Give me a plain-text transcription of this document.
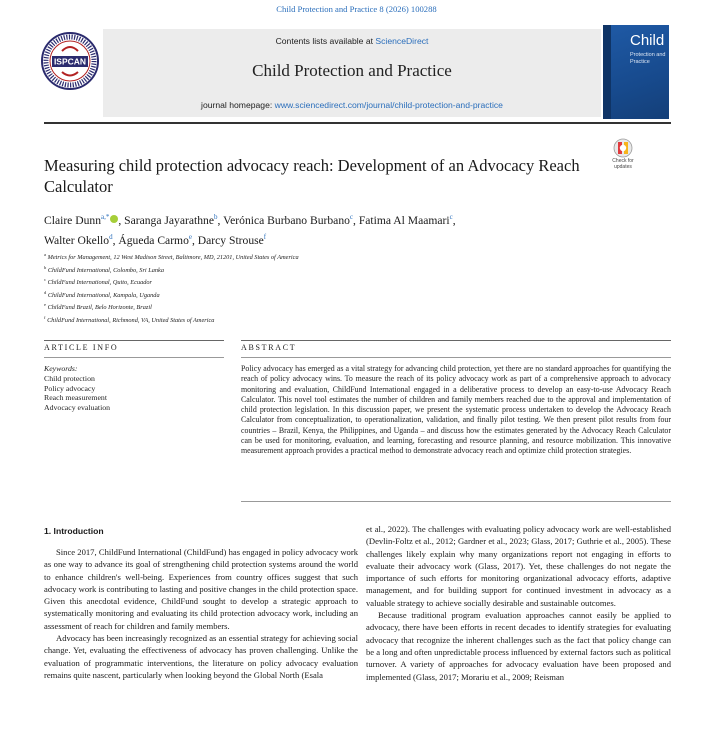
Child Protection and Practice 8 (2026) 100288
ISPCAN
Contents lists available at ScienceDirect
Child Protection and Practice
journal homepage: www.sciencedirect.com/journal/child-protection-and-practice
Child
Protection and Practice
Measuring child protection advocacy reach: Development of an Advocacy Reach Calculator
Check for updates
Claire Dunn$^{a,*}$ , Saranga Jayarathne$^b$, Verónica Burbano Burbano$^c$, Fatima Al Maamari$^c$,
Walter Okello$^d$, Águeda Carmo$^e$, Darcy Strouse$^f$
$^a$ Metrics for Management, 12 West Madison Street, Baltimore, MD, 21201, United States of America
$^b$ ChildFund International, Colombo, Sri Lanka
$^c$ ChildFund International, Quito, Ecuador
$^d$ ChildFund International, Kampala, Uganda
$^e$ ChildFund Brazil, Belo Horizonte, Brazil
$^f$ ChildFund International, Richmond, VA, United States of America
ARTICLE INFO	ABSTRACT
Keywords:
Child protection
Policy advocacy
Reach measurement
Advocacy evaluation
Policy advocacy has emerged as a vital strategy for advancing child protection, yet there are no standard approaches for quantifying the reach of policy advocacy wins. To measure the reach of its policy advocacy work as part of a comprehensive approach to advocacy monitoring and evaluation, ChildFund International engaged in a deliberative process to develop an easy-to-use Advocacy Reach Calculator. This novel tool estimates the number of children and family members reached due to the approval and implementation of child protection legislation. In this discussion paper, we present the systematic process undertaken to develop the Advocacy Reach Calculator from conceptualization, to operationalization, validation, and finally pilot testing. We then present pilot results from four countries – Brazil, Kenya, the Philippines, and Uganda – and discuss how the estimates generated by the Advocacy Reach Calculator can be used for monitoring, evaluation, and learning, forecasting and resource planning, and resource mobilization. This innovative measurement approach provides a practical method to demonstrate advocacy reach and optimize child protection strategies.
1. Introduction

Since 2017, ChildFund International (ChildFund) has engaged in policy advocacy work as one way to advance its goal of strengthening child protection systems around the world to enhance children's well-being. Experiences from country offices suggest that such advocacy work is contributing to lasting and positive changes in the child protection space. Given this anecdotal evidence, ChildFund sought to develop a strategic approach to systematically monitoring and evaluating its child protection advocacy work, including an assessment of reach for children and family members.

Advocacy has been increasingly recognized as an essential strategy for achieving social change. Yet, evaluating the effectiveness of advocacy has proven challenging. Unlike the evaluation of programmatic interventions, the literature on policy advocacy evaluation remains quite nascent, particularly when looking beyond the Global North (Esala

et al., 2022). The challenges with evaluating policy advocacy work are well-established (Devlin-Foltz et al., 2012; Gardner et al., 2023; Glass, 2017; Guthrie et al., 2005). These challenges likely explain why many organizations report not engaging in efforts to evaluate their advocacy work (Glass, 2017). Yet, these challenges do not negate the importance of such efforts for monitoring organizational advocacy efforts, adaptive management, and for building support for continued investment in advocacy as a valuable strategy to achieve socially desirable and sustainable outcomes.

Because traditional program evaluation approaches cannot easily be applied to advocacy, there have been efforts in recent decades to identify strategies for evaluating advocacy that recognize the inherent challenges such as the fact that policy change can be a long and often unpredictable process influenced by external factors such as political turnover. A variety of approaches for advocacy evaluation have been proposed and implemented (Glass, 2017; Morariu et al., 2009; Reisman
